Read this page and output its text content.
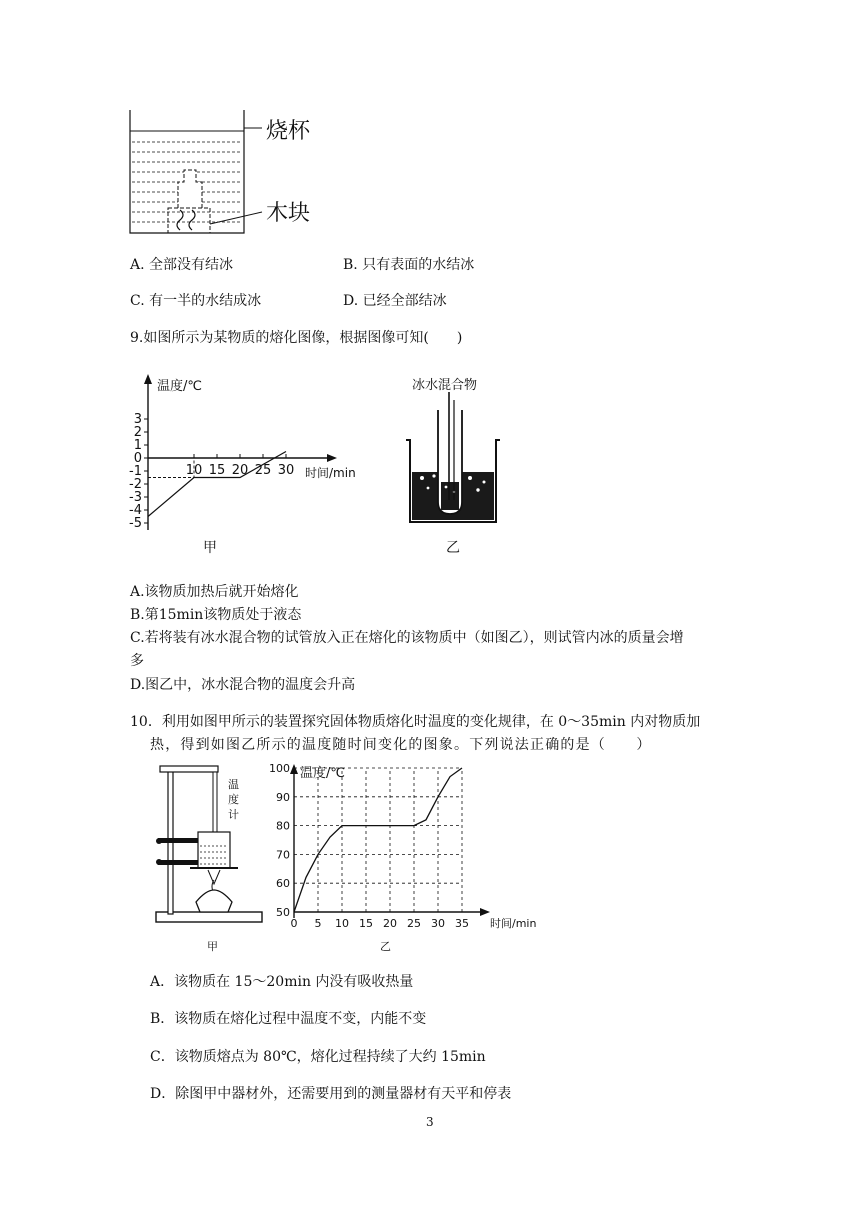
烧杯
木块
A. 全部没有结冰	B. 只有表面的水结冰
C. 有一半的水结成冰	D. 已经全部结冰
9.如图所示为某物质的熔化图像，根据图像可知(　　)
温度/℃
时间/min
3
2
1
0
-1
-2
-3
-4
-5
10 15 20 25 30
甲
冰水混合物
乙
A.该物质加热后就开始熔化
B.第15min该物质处于液态
C.若将装有冰水混合物的试管放入正在熔化的该物质中（如图乙），则试管内冰的质量会增
多
D.图乙中，冰水混合物的温度会升高
10．利用如图甲所示的装置探究固体物质熔化时温度的变化规律，在 0～35min 内对物质加
热，得到如图乙所示的温度随时间变化的图象。下列说法正确的是（　　）
温
度
计
甲
温度/℃
时间/min
100
90
80
70
60
50
0 5 10 15 20 25 30 35
乙
A．该物质在 15～20min 内没有吸收热量
B．该物质在熔化过程中温度不变，内能不变
C．该物质熔点为 80℃，熔化过程持续了大约 15min
D．除图甲中器材外，还需要用到的测量器材有天平和停表
3
